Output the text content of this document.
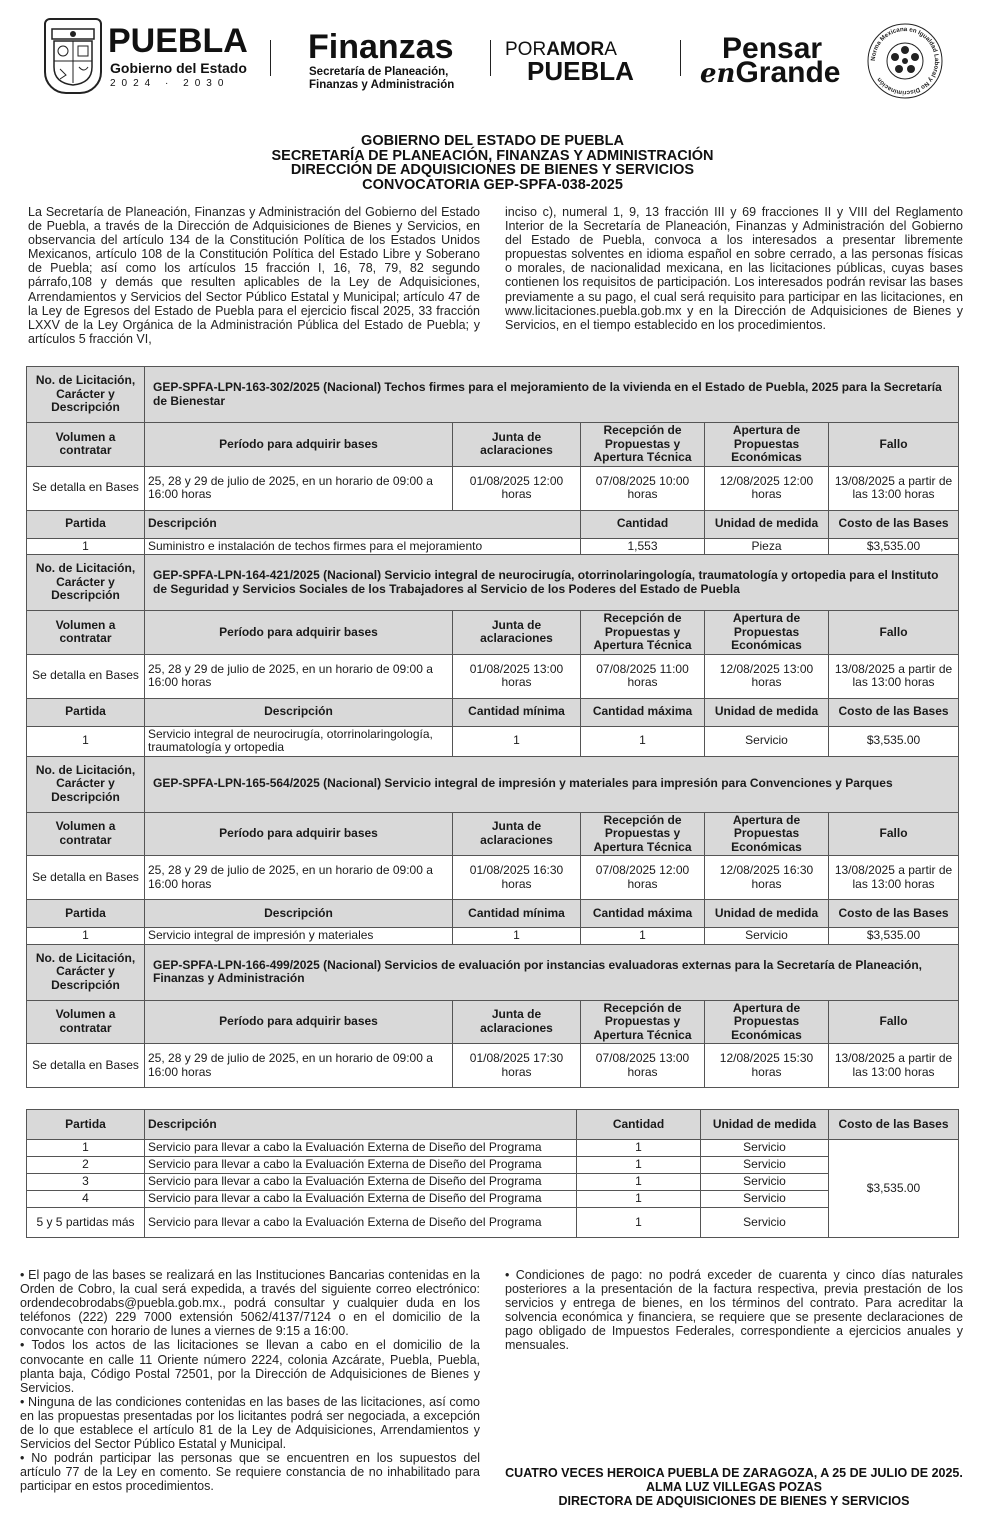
PUEBLA
Gobierno del Estado
2024 · 2030
Finanzas
Secretaría de Planeación,
Finanzas y Administración
PORAMORA
PUEBLA
Pensar
enGrande	Norma Mexicana en Igualdad Laboral y No Discriminación
GOBIERNO DEL ESTADO DE PUEBLA
SECRETARÍA DE PLANEACIÓN, FINANZAS Y ADMINISTRACIÓN
DIRECCIÓN DE ADQUISICIONES DE BIENES Y SERVICIOS
CONVOCATORIA GEP-SPFA-038-2025
La Secretaría de Planeación, Finanzas y Administración del Gobierno del Estado de Puebla, a través de la Dirección de Adquisiciones de Bienes y Servicios, en observancia del artículo 134 de la Constitución Política de los Estados Unidos Mexicanos, artículo 108 de la Constitución Política del Estado Libre y Soberano de Puebla; así como los artículos 15 fracción I, 16, 78, 79, 82 segundo párrafo,108 y demás que resulten aplicables de la Ley de Adquisiciones, Arrendamientos y Servicios del Sector Público Estatal y Municipal; artículo 47 de la Ley de Egresos del Estado de Puebla para el ejercicio fiscal 2025, 33 fracción LXXV de la Ley Orgánica de la Administración Pública del Estado de Puebla; y artículos 5 fracción VI,
inciso c), numeral 1, 9, 13 fracción III y 69 fracciones II y VIII del Reglamento Interior de la Secretaría de Planeación, Finanzas y Administración del Gobierno del Estado de Puebla, convoca a los interesados a presentar libremente propuestas solventes en idioma español en sobre cerrado, a las personas físicas o morales, de nacionalidad mexicana, en las licitaciones públicas, cuyas bases contienen los requisitos de participación. Los interesados podrán revisar las bases previamente a su pago, el cual será requisito para participar en las licitaciones, en www.licitaciones.puebla.gob.mx y en la Dirección de Adquisiciones de Bienes y Servicios, en el tiempo establecido en los procedimientos.
No. de Licitación, Carácter y Descripción	GEP-SPFA-LPN-163-302/2025 (Nacional) Techos firmes para el mejoramiento de la vivienda en el Estado de Puebla, 2025 para la Secretaría de Bienestar				
Volumen a contratar	Período para adquirir bases	Junta de aclaraciones	Recepción de Propuestas y Apertura Técnica	Apertura de Propuestas Económicas	Fallo
Se detalla en Bases	25, 28 y 29 de julio de 2025, en un horario de 09:00 a 16:00 horas	01/08/2025 12:00 horas	07/08/2025 10:00 horas	12/08/2025 12:00 horas	13/08/2025 a partir de las 13:00 horas
Partida	Descripción		Cantidad	Unidad de medida	Costo de las Bases
1	Suministro e instalación de techos firmes para el mejoramiento		1,553	Pieza	$3,535.00
No. de Licitación, Carácter y Descripción	GEP-SPFA-LPN-164-421/2025 (Nacional) Servicio integral de neurocirugía, otorrinolaringología, traumatología y ortopedia para el Instituto de Seguridad y Servicios Sociales de los Trabajadores al Servicio de los Poderes del Estado de Puebla				
Volumen a contratar	Período para adquirir bases	Junta de aclaraciones	Recepción de Propuestas y Apertura Técnica	Apertura de Propuestas Económicas	Fallo
Se detalla en Bases	25, 28 y 29 de julio de 2025, en un horario de 09:00 a 16:00 horas	01/08/2025 13:00 horas	07/08/2025 11:00 horas	12/08/2025 13:00 horas	13/08/2025 a partir de las 13:00 horas
Partida	Descripción	Cantidad mínima	Cantidad máxima	Unidad de medida	Costo de las Bases
1	Servicio integral de neurocirugía, otorrinolaringología, traumatología y ortopedia	1	1	Servicio	$3,535.00
No. de Licitación, Carácter y Descripción	GEP-SPFA-LPN-165-564/2025 (Nacional) Servicio integral de impresión y materiales para impresión para Convenciones y Parques				
Volumen a contratar	Período para adquirir bases	Junta de aclaraciones	Recepción de Propuestas y Apertura Técnica	Apertura de Propuestas Económicas	Fallo
Se detalla en Bases	25, 28 y 29 de julio de 2025, en un horario de 09:00 a 16:00 horas	01/08/2025 16:30 horas	07/08/2025 12:00 horas	12/08/2025 16:30 horas	13/08/2025 a partir de las 13:00 horas
Partida	Descripción	Cantidad mínima	Cantidad máxima	Unidad de medida	Costo de las Bases
1	Servicio integral de impresión y materiales	1	1	Servicio	$3,535.00
No. de Licitación, Carácter y Descripción	GEP-SPFA-LPN-166-499/2025 (Nacional) Servicios de evaluación por instancias evaluadoras externas para la Secretaría de Planeación, Finanzas y Administración				
Volumen a contratar	Período para adquirir bases	Junta de aclaraciones	Recepción de Propuestas y Apertura Técnica	Apertura de Propuestas Económicas	Fallo
Se detalla en Bases	25, 28 y 29 de julio de 2025, en un horario de 09:00 a 16:00 horas	01/08/2025 17:30 horas	07/08/2025 13:00 horas	12/08/2025 15:30 horas	13/08/2025 a partir de las 13:00 horas
Partida	Descripción	Cantidad	Unidad de medida	Costo de las Bases
1	Servicio para llevar a cabo la Evaluación Externa de Diseño del Programa	1	Servicio	$3,535.00
2	Servicio para llevar a cabo la Evaluación Externa de Diseño del Programa	1	Servicio	
3	Servicio para llevar a cabo la Evaluación Externa de Diseño del Programa	1	Servicio	
4	Servicio para llevar a cabo la Evaluación Externa de Diseño del Programa	1	Servicio	
5 y 5 partidas más	Servicio para llevar a cabo la Evaluación Externa de Diseño del Programa	1	Servicio	

• El pago de las bases se realizará en las Instituciones Bancarias contenidas en la Orden de Cobro, la cual será expedida, a través del siguiente correo electrónico: ordendecobrodabs@puebla.gob.mx., podrá consultar y cualquier duda en los teléfonos (222) 229 7000 extensión 5062/4137/7124 o en el domicilio de la convocante con horario de lunes a viernes de 9:15 a 16:00.

• Todos los actos de las licitaciones se llevan a cabo en el domicilio de la convocante en calle 11 Oriente número 2224, colonia Azcárate, Puebla, Puebla, planta baja, Código Postal 72501, por la Dirección de Adquisiciones de Bienes y Servicios.

• Ninguna de las condiciones contenidas en las bases de las licitaciones, así como en las propuestas presentadas por los licitantes podrá ser negociada, a excepción de lo que establece el artículo 81 de la Ley de Adquisiciones, Arrendamientos y Servicios del Sector Público Estatal y Municipal.

• No podrán participar las personas que se encuentren en los supuestos del artículo 77 de la Ley en comento. Se requiere constancia de no inhabilitado para participar en estos procedimientos.

• Condiciones de pago: no podrá exceder de cuarenta y cinco días naturales posteriores a la presentación de la factura respectiva, previa prestación de los servicios y entrega de bienes, en los términos del contrato. Para acreditar la solvencia económica y financiera, se requiere que se presente declaraciones de pago obligado de Impuestos Federales, correspondiente a ejercicios anuales y mensuales.

CUATRO VECES HEROICA PUEBLA DE ZARAGOZA, A 25 DE JULIO DE 2025.
ALMA LUZ VILLEGAS POZAS
DIRECTORA DE ADQUISICIONES DE BIENES Y SERVICIOS
